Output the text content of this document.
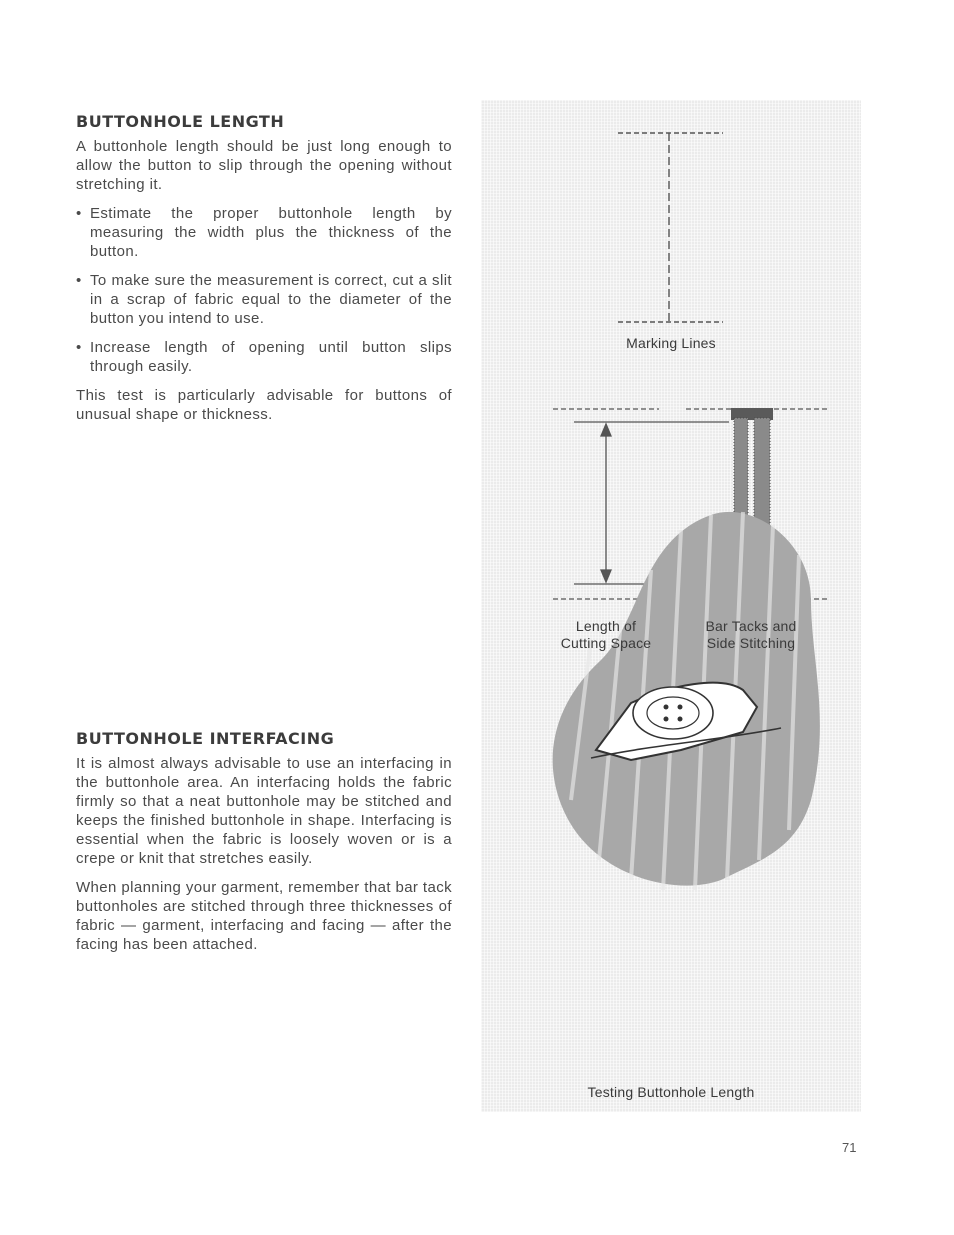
BUTTONHOLE LENGTH

A buttonhole length should be just long enough to allow the button to slip through the opening without stretching it.

• Estimate the proper buttonhole length by measuring the width plus the thickness of the button.
• To make sure the measurement is correct, cut a slit in a scrap of fabric equal to the diameter of the button you intend to use.
• Increase length of opening until button slips through easily.

This test is particularly advisable for buttons of unusual shape or thickness.

BUTTONHOLE INTERFACING

It is almost always advisable to use an interfacing in the buttonhole area. An interfacing holds the fabric firmly so that a neat buttonhole may be stitched and keeps the finished buttonhole in shape. Interfacing is essential when the fabric is loosely woven or is a crepe or knit that stretches easily.

When planning your garment, remember that bar tack buttonholes are stitched through three thicknesses of fabric — garment, interfacing and facing — after the facing has been attached.

Marking Lines
Length of
Cutting Space
Bar Tacks and
Side Stitching
Testing Buttonhole Length
71
